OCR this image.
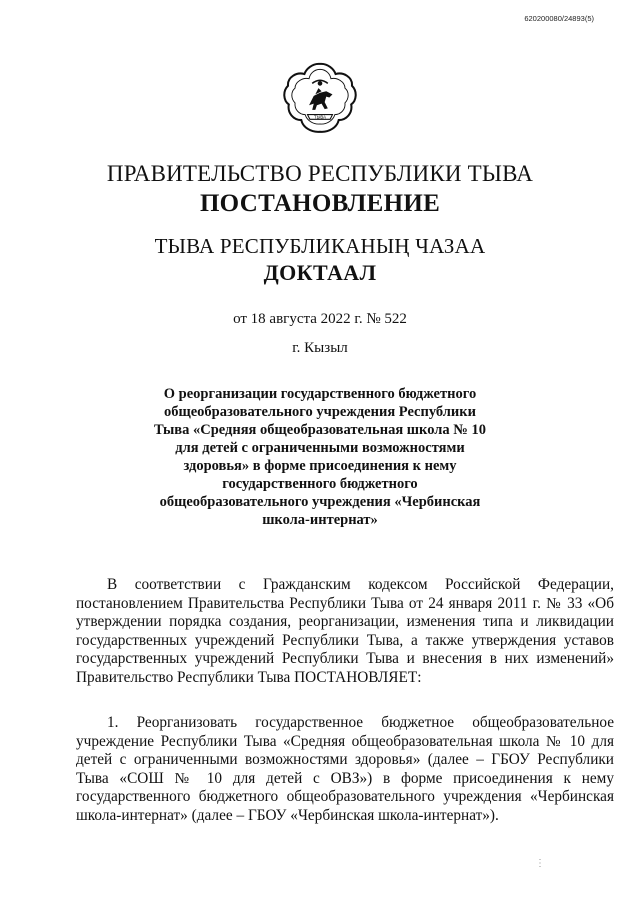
620200080/24893(5)
ТЫВА
ПРАВИТЕЛЬСТВО РЕСПУБЛИКИ ТЫВА
ПОСТАНОВЛЕНИЕ
ТЫВА РЕСПУБЛИКАНЫҢ ЧАЗАА
ДОКТААЛ
от 18 августа 2022 г. № 522
г. Кызыл
О реорганизации государственного бюджетного общеобразовательного учреждения Республики Тыва «Средняя общеобразовательная школа № 10 для детей с ограниченными возможностями здоровья» в форме присоединения к нему государственного бюджетного общеобразовательного учреждения «Чербинская школа-интернат»

В соответствии с Гражданским кодексом Российской Федерации, постановлением Правительства Республики Тыва от 24 января 2011 г. № 33 «Об утверждении порядка создания, реорганизации, изменения типа и ликвидации государственных учреждений Республики Тыва, а также утверждения уставов государственных учреждений Республики Тыва и внесения в них изменений» Правительство Республики Тыва ПОСТАНОВЛЯЕТ:

1. Реорганизовать государственное бюджетное общеобразовательное учреждение Республики Тыва «Средняя общеобразовательная школа № 10 для детей с ограниченными возможностями здоровья» (далее – ГБОУ Республики Тыва «СОШ № 10 для детей с ОВЗ») в форме присоединения к нему государственного бюджетного общеобразовательного учреждения «Чербинская школа-интернат» (далее – ГБОУ «Чербинская школа-интернат»).

⋮
